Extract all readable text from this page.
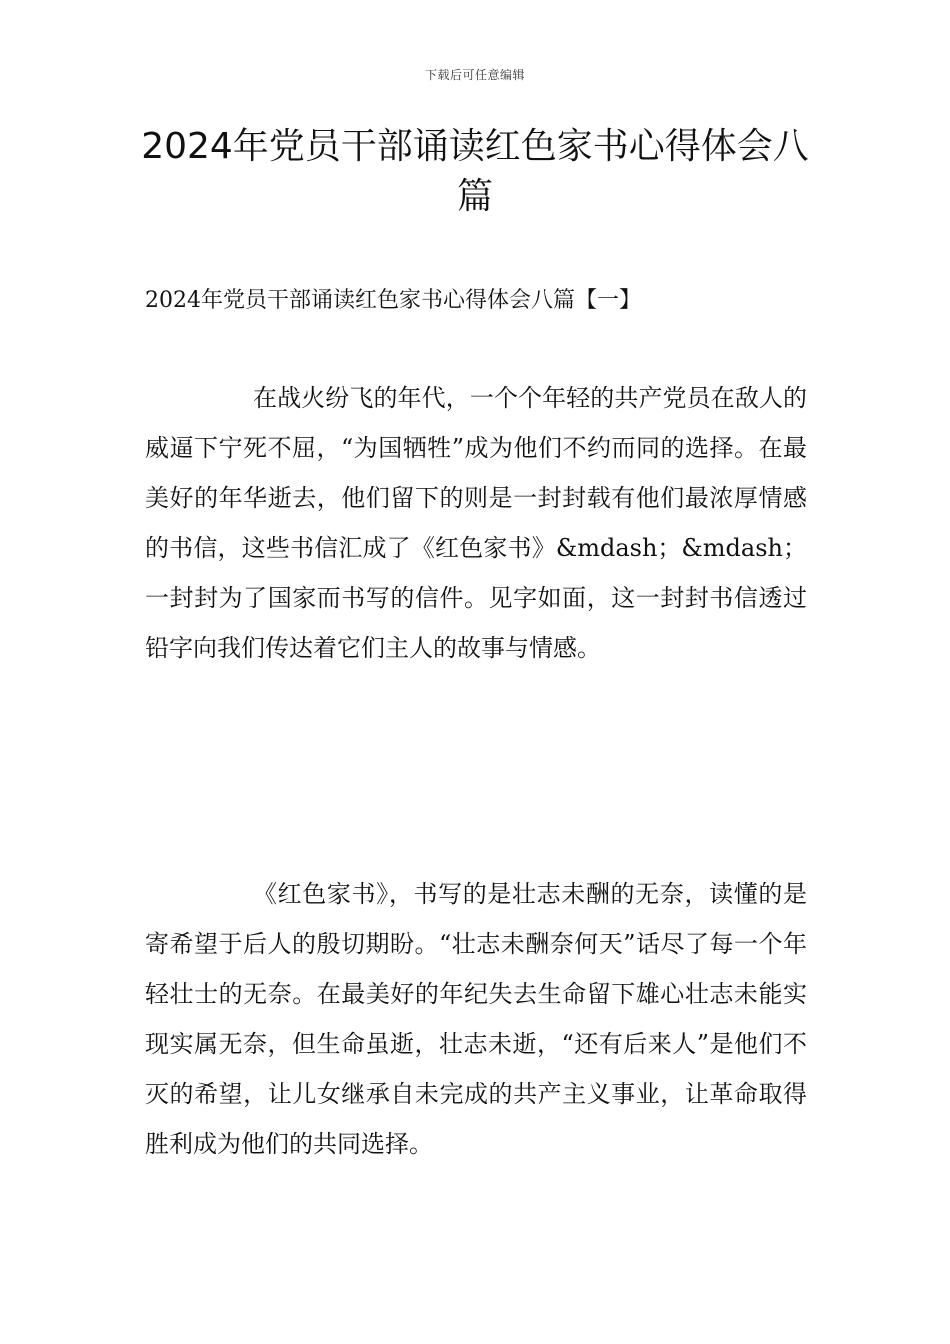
下载后可任意编辑
2024年党员干部诵读红色家书心得体会八篇
2024年党员干部诵读红色家书心得体会八篇【一】

在战火纷飞的年代，一个个年轻的共产党员在敌人的威逼下宁死不屈，“为国牺牲”成为他们不约而同的选择。在最美好的年华逝去，他们留下的则是一封封载有他们最浓厚情感的书信，这些书信汇成了《红色家书》&mdash；&mdash；一封封为了国家而书写的信件。见字如面，这一封封书信透过铅字向我们传达着它们主人的故事与情感。

《红色家书》，书写的是壮志未酬的无奈，读懂的是寄希望于后人的殷切期盼。“壮志未酬奈何天”话尽了每一个年轻壮士的无奈。在最美好的年纪失去生命留下雄心壮志未能实现实属无奈，但生命虽逝，壮志未逝，“还有后来人”是他们不灭的希望，让儿女继承自未完成的共产主义事业，让革命取得胜利成为他们的共同选择。
